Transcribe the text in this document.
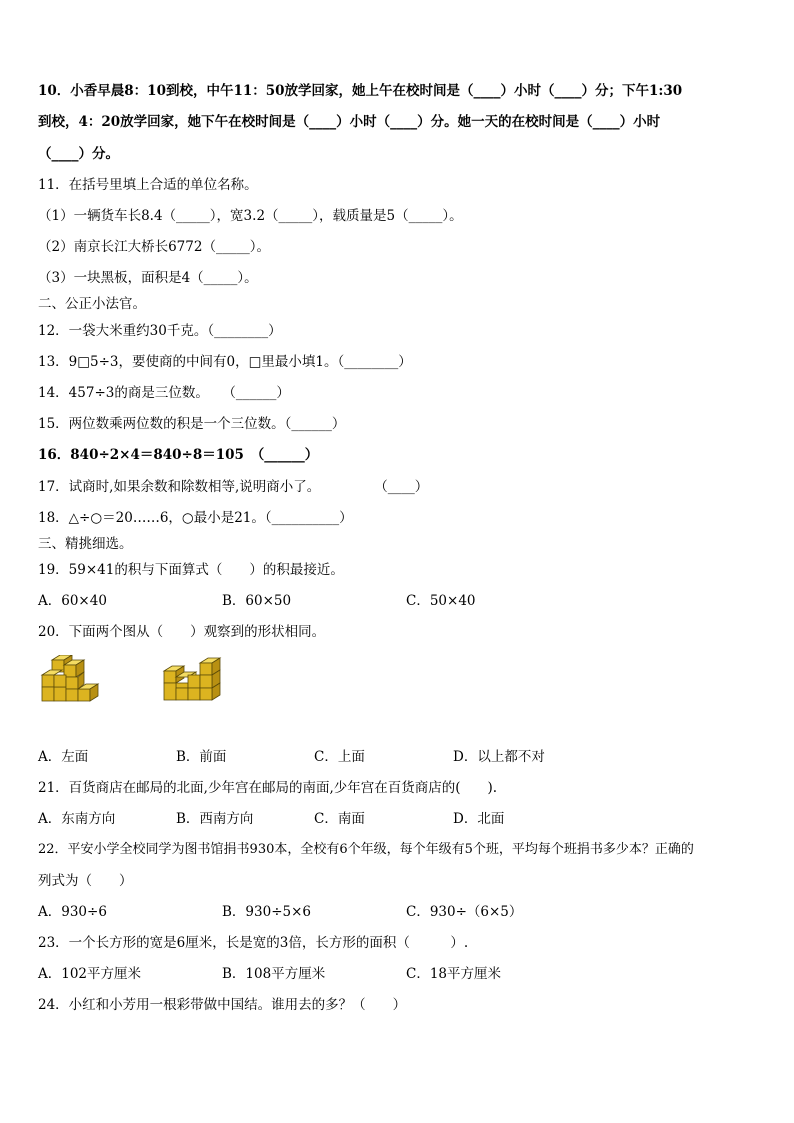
10．小香早晨8：10到校，中午11：50放学回家，她上午在校时间是（____）小时（____）分；下午1:30
到校，4：20放学回家，她下午在校时间是（____）小时（____）分。她一天的在校时间是（____）小时
（____）分。
11．在括号里填上合适的单位名称。
（1）一辆货车长8.4（_____），宽3.2（_____），载质量是5（_____）。
（2）南京长江大桥长6772（_____）。
（3）一块黑板，面积是4（_____）。
二、公正小法官。
12．一袋大米重约30千克。（________）
13．9□5÷3，要使商的中间有0，□里最小填1。（________）
14．457÷3的商是三位数。　　（______）
15．两位数乘两位数的积是一个三位数。（______）
16．840÷2×4＝840÷8＝105　（______）
17．试商时,如果余数和除数相等,说明商小了。　　　　　（____）
18．△÷○＝20……6，○最小是21。（__________）
三、精挑细选。
19．59×41的积与下面算式（　　）的积最接近。
A．60×40	B．60×50	C．50×40
20．下面两个图从（　　）观察到的形状相同。
A．左面	B．前面	C．上面	D．以上都不对
21．百货商店在邮局的北面,少年宫在邮局的南面,少年宫在百货商店的(　　).
A．东南方向	B．西南方向	C．南面	D．北面
22．平安小学全校同学为图书馆捐书930本，全校有6个年级，每个年级有5个班，平均每个班捐书多少本？正确的
列式为（　　）
A．930÷6	B．930÷5×6	C．930÷（6×5）
23．一个长方形的宽是6厘米，长是宽的3倍，长方形的面积（　　　）.
A．102平方厘米	B．108平方厘米	C．18平方厘米
24．小红和小芳用一根彩带做中国结。谁用去的多？（　　）
